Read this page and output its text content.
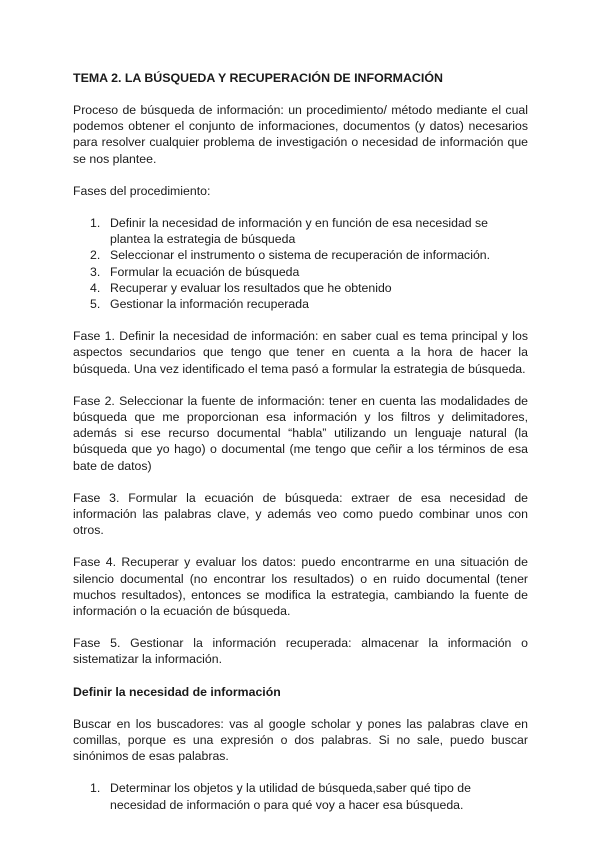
TEMA 2. LA BÚSQUEDA Y RECUPERACIÓN DE INFORMACIÓN

Proceso de búsqueda de información: un procedimiento/ método mediante el cual podemos obtener el conjunto de informaciones, documentos (y datos) necesarios para resolver cualquier problema de investigación o necesidad de información que se nos plantee.

Fases del procedimiento:

1. Definir la necesidad de información y en función de esa necesidad se plantea la estrategia de búsqueda
2. Seleccionar el instrumento o sistema de recuperación de información.
3. Formular la ecuación de búsqueda
4. Recuperar y evaluar los resultados que he obtenido
5. Gestionar la información recuperada

Fase 1. Definir la necesidad de información: en saber cual es tema principal y los aspectos secundarios que tengo que tener en cuenta a la hora de hacer la búsqueda. Una vez identificado el tema pasó a formular la estrategia de búsqueda.

Fase 2. Seleccionar la fuente de información: tener en cuenta las modalidades de búsqueda que me proporcionan esa información y los filtros y delimitadores, además si ese recurso documental “habla” utilizando un lenguaje natural (la búsqueda que yo hago) o documental (me tengo que ceñir a los términos de esa bate de datos)

Fase 3. Formular la ecuación de búsqueda: extraer de esa necesidad de información las palabras clave, y además veo como puedo combinar unos con otros.

Fase 4. Recuperar y evaluar los datos: puedo encontrarme en una situación de silencio documental (no encontrar los resultados) o en ruido documental (tener muchos resultados), entonces se modifica la estrategia, cambiando la fuente de información o la ecuación de búsqueda.

Fase 5. Gestionar la información recuperada: almacenar la información o sistematizar la información.

Definir la necesidad de información

Buscar en los buscadores: vas al google scholar y pones las palabras clave en comillas, porque es una expresión o dos palabras. Si no sale, puedo buscar sinónimos de esas palabras.

1. Determinar los objetos y la utilidad de búsqueda,saber qué tipo de necesidad de información o para qué voy a hacer esa búsqueda.
